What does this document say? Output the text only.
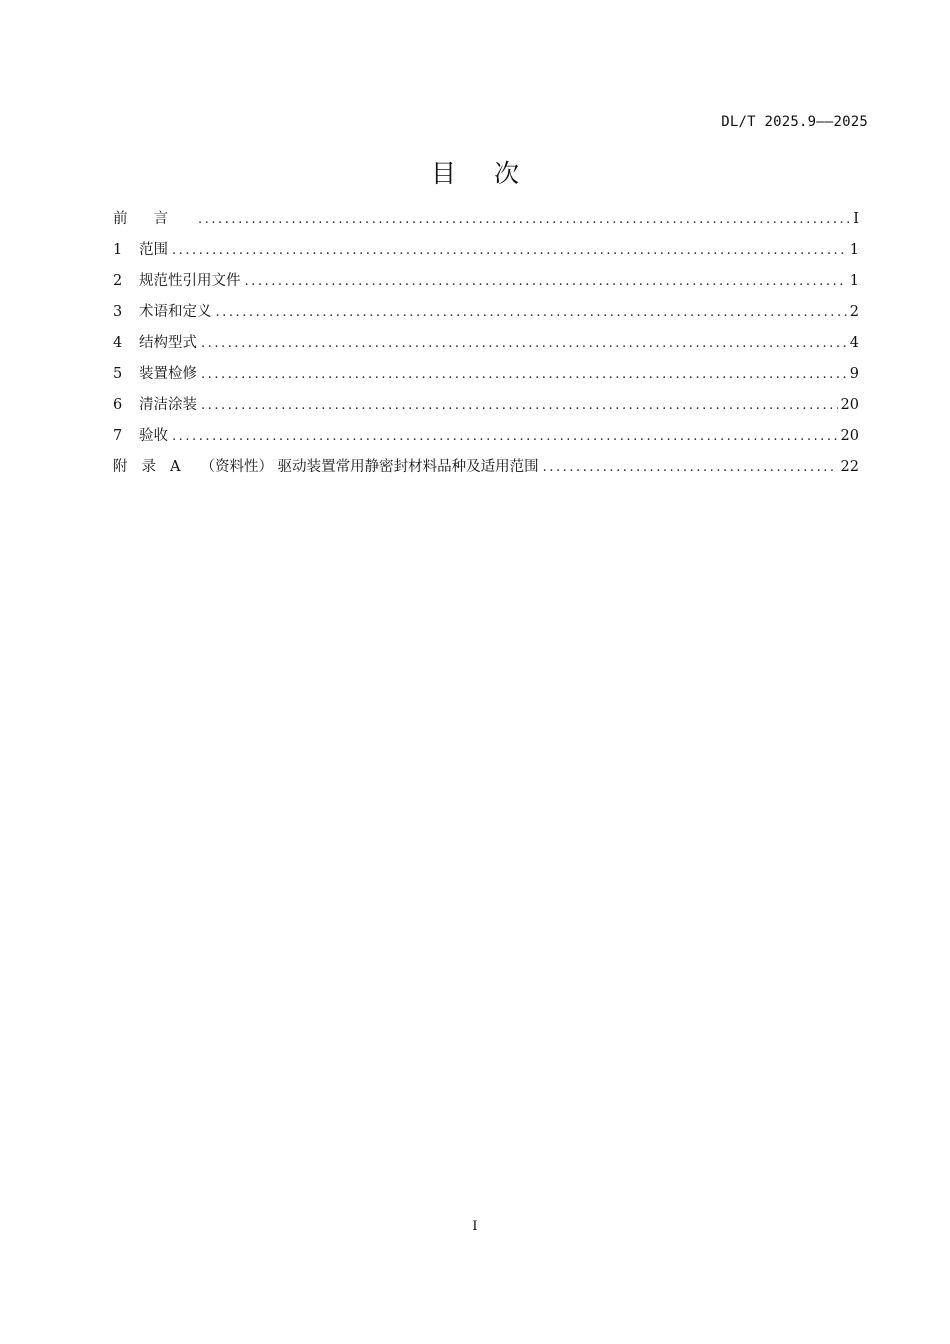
DL/T 2025.9——2025
目次
前言 .....	I
1 范围 .....	1
2 规范性引用文件 .....	1
3 术语和定义 .....	2
4 结构型式 .....	4
5 装置检修 .....	9
6 清洁涂装 .....	20
7 验收 .....	20
附录A （资料性） 驱动装置常用静密封材料品种及适用范围 .....	22
I
